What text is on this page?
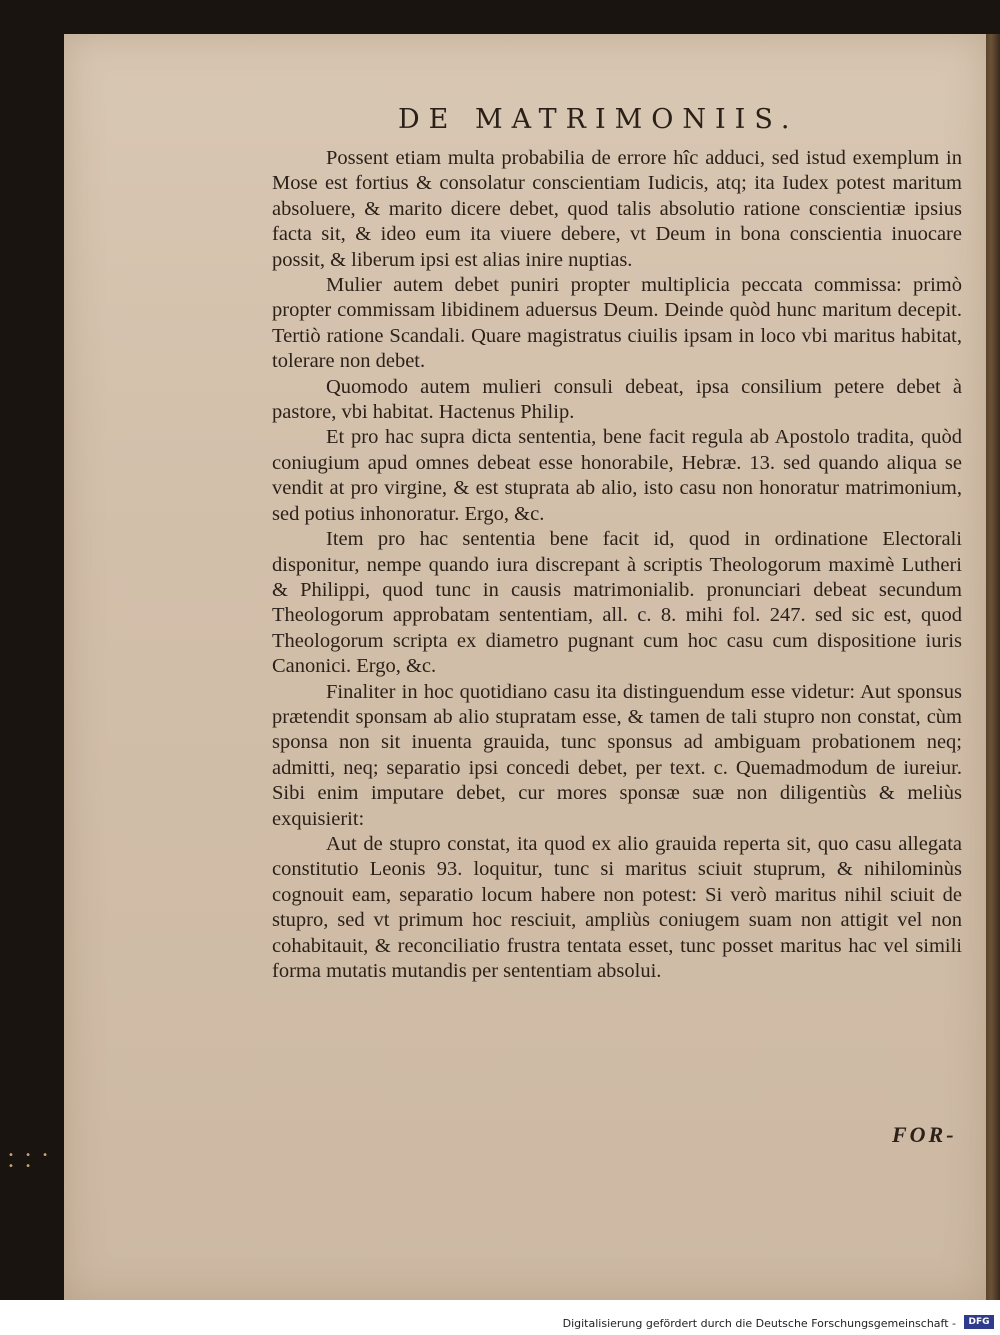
• • • • •
DE MATRIMONIIS.

Possent etiam multa probabilia de errore hîc adduci, sed istud exemplum in Mose est fortius & consolatur conscientiam Iudicis, atq; ita Iudex potest maritum absoluere, & marito dicere debet, quod talis absolutio ratione conscientiæ ipsius facta sit, & ideo eum ita viuere debere, vt Deum in bona conscientia inuocare possit, & liberum ipsi est alias inire nuptias.

Mulier autem debet puniri propter multiplicia peccata commissa: primò propter commissam libidinem aduersus Deum. Deinde quòd hunc maritum decepit. Tertiò ratione Scandali. Quare magistratus ciuilis ipsam in loco vbi maritus habitat, tolerare non debet.

Quomodo autem mulieri consuli debeat, ipsa consilium petere debet à pastore, vbi habitat. Hactenus Philip.

Et pro hac supra dicta sententia, bene facit regula ab Apostolo tradita, quòd coniugium apud omnes debeat esse honorabile, Hebræ. 13. sed quando aliqua se vendit at pro virgine, & est stuprata ab alio, isto casu non honoratur matrimonium, sed potius inhonoratur. Ergo, &c.

Item pro hac sententia bene facit id, quod in ordinatione Electorali disponitur, nempe quando iura discrepant à scriptis Theologorum maximè Lutheri & Philippi, quod tunc in causis matrimonialib. pronunciari debeat secundum Theologorum approbatam sententiam, all. c. 8. mihi fol. 247. sed sic est, quod Theologorum scripta ex diametro pugnant cum hoc casu cum dispositione iuris Canonici. Ergo, &c.

Finaliter in hoc quotidiano casu ita distinguendum esse videtur: Aut sponsus prætendit sponsam ab alio stupratam esse, & tamen de tali stupro non constat, cùm sponsa non sit inuenta grauida, tunc sponsus ad ambiguam probationem neq; admitti, neq; separatio ipsi concedi debet, per text. c. Quemadmodum de iureiur. Sibi enim imputare debet, cur mores sponsæ suæ non diligentiùs & meliùs exquisierit:

Aut de stupro constat, ita quod ex alio grauida reperta sit, quo casu allegata constitutio Leonis 93. loquitur, tunc si maritus sciuit stuprum, & nihilominùs cognouit eam, separatio locum habere non potest: Si verò maritus nihil sciuit de stupro, sed vt primum hoc resciuit, ampliùs coniugem suam non attigit vel non cohabitauit, & reconciliatio frustra tentata esset, tunc posset maritus hac vel simili forma mutatis mutandis per sententiam absolui.

FOR-
Digitalisierung gefördert durch die Deutsche Forschungsgemeinschaft -	DFG
